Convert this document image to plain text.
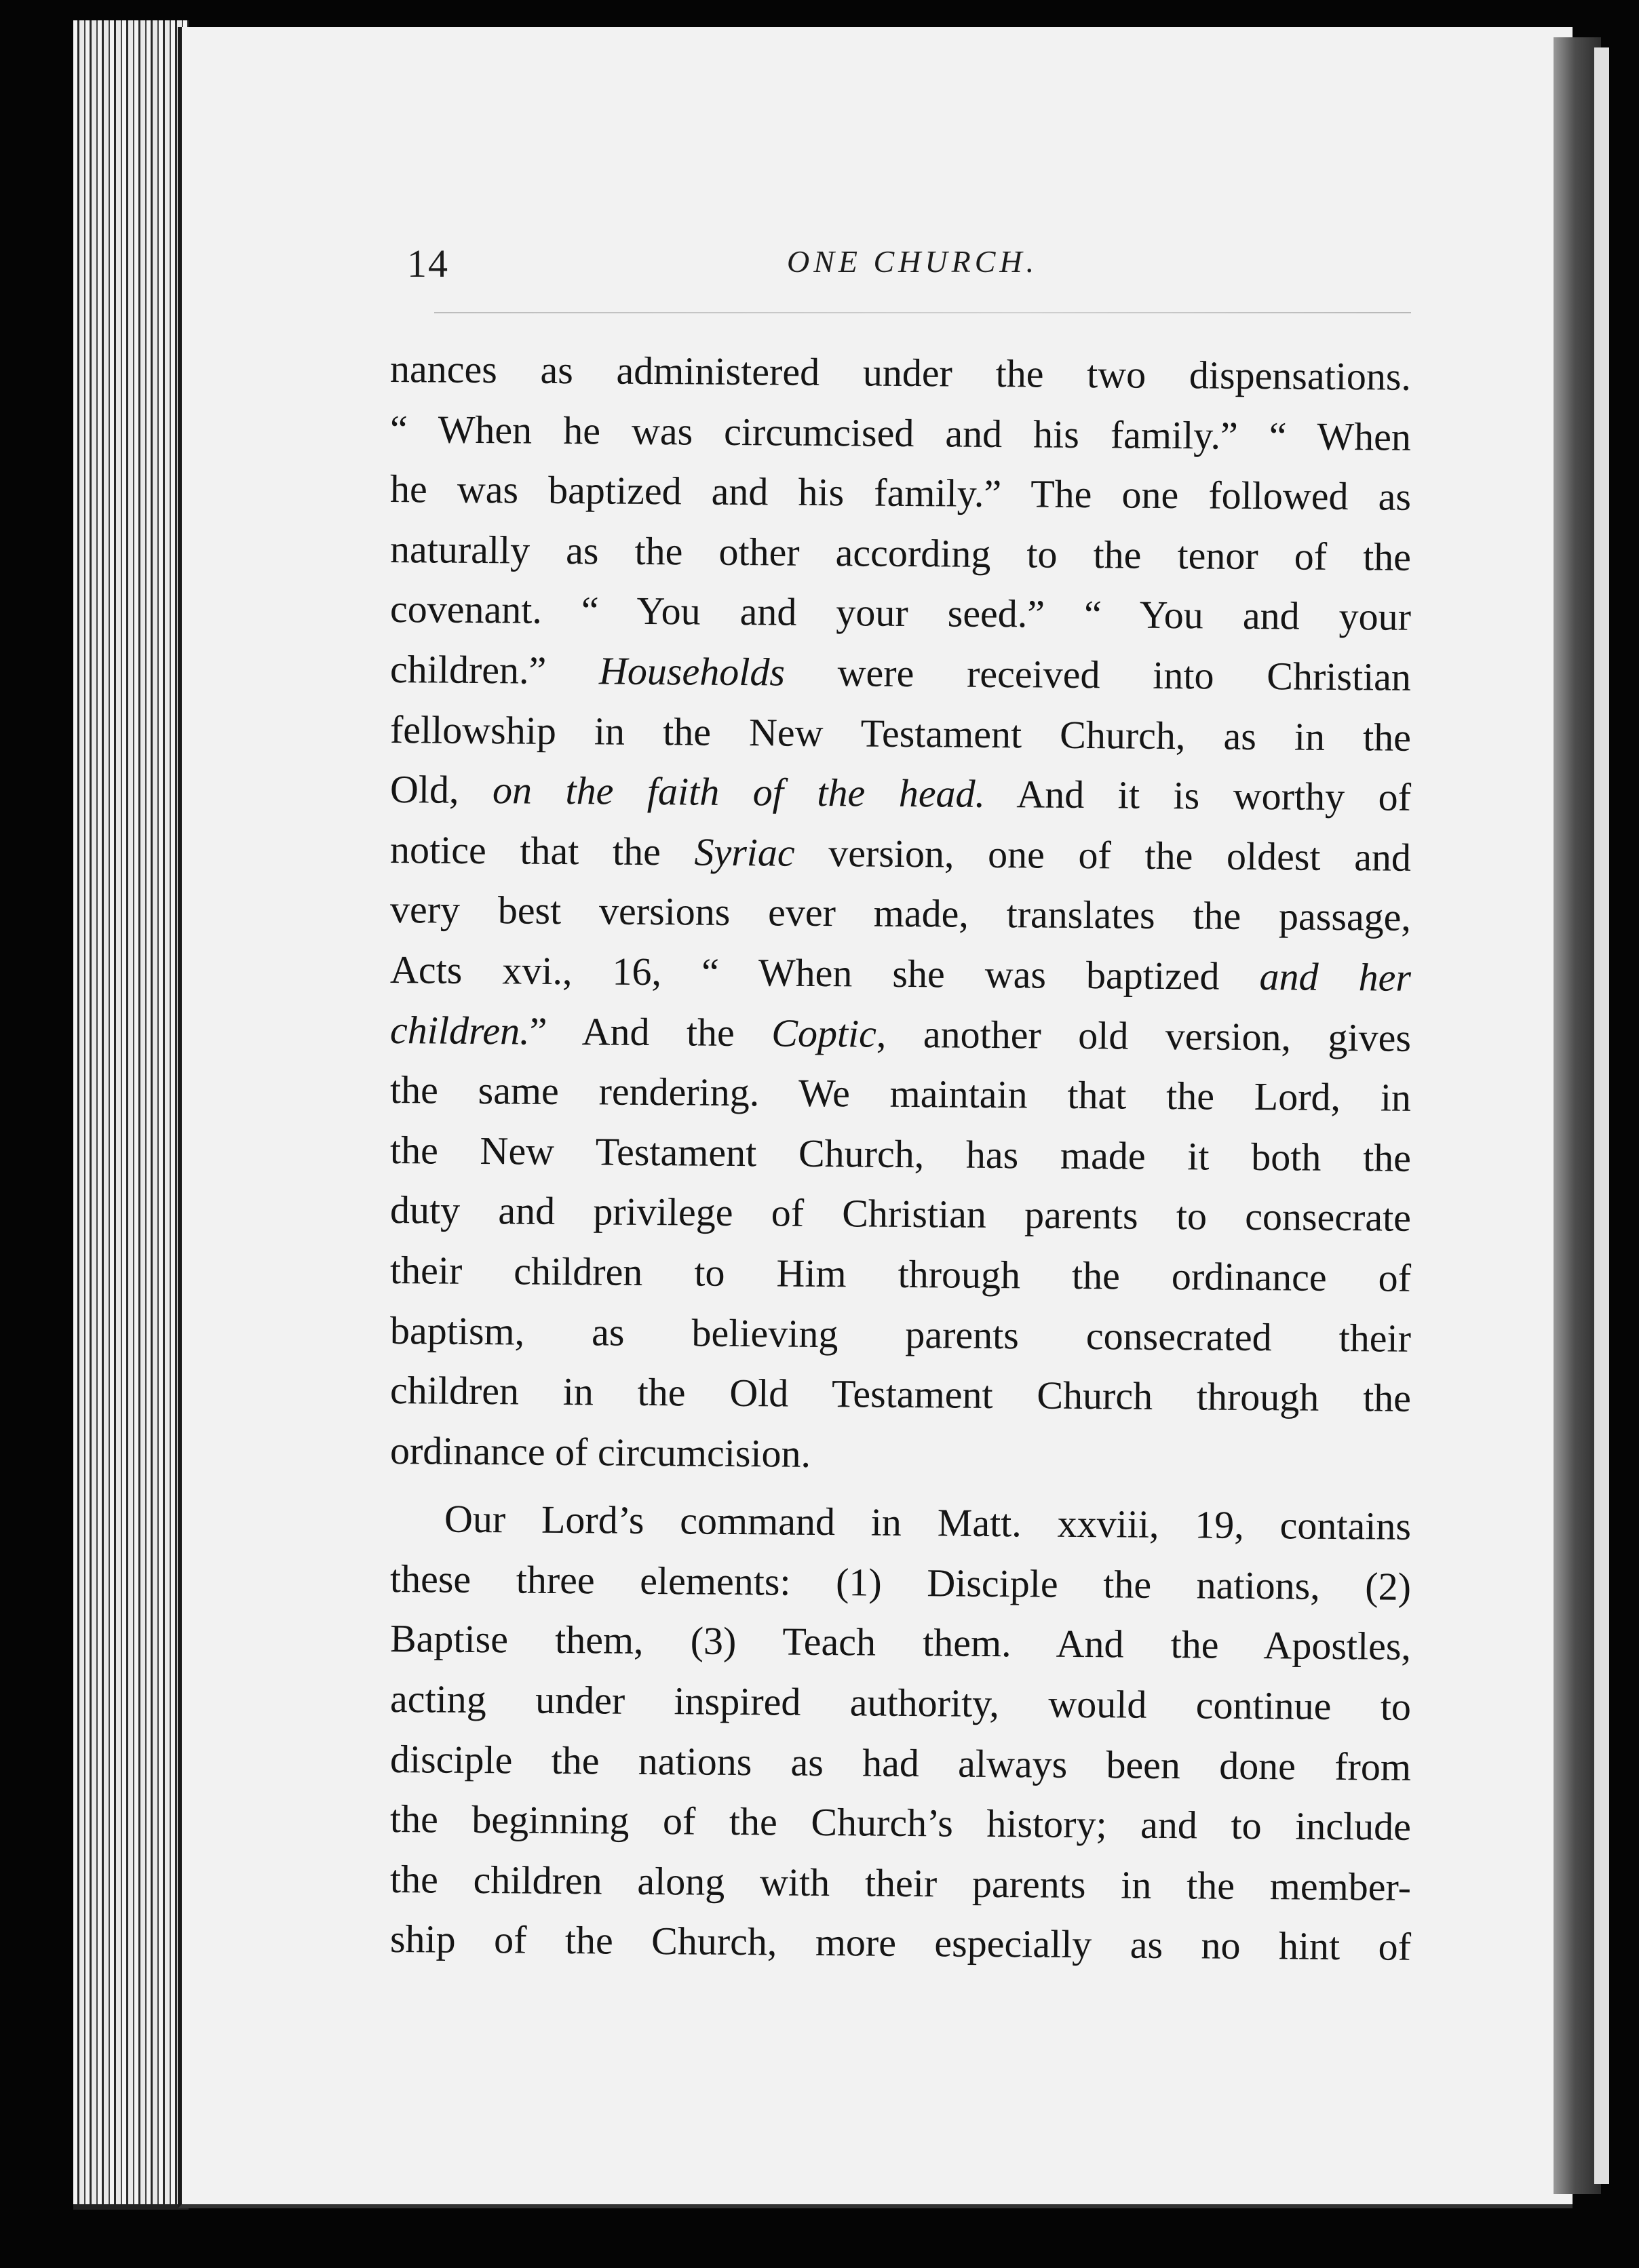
14	ONE CHURCH.
nances as administered under the two dispensations.
“ When he was circumcised and his family.” “ When
he was baptized and his family.” The one followed as
naturally as the other according to the tenor of the
covenant. “ You and your seed.” “ You and your
children.” Households were received into Christian
fellowship in the New Testament Church, as in the
Old, on the faith of the head. And it is worthy of
notice that the Syriac version, one of the oldest and
very best versions ever made, translates the passage,
Acts xvi., 16, “ When she was baptized and her
children.” And the Coptic, another old version, gives
the same rendering. We maintain that the Lord, in
the New Testament Church, has made it both the
duty and privilege of Christian parents to consecrate
their children to Him through the ordinance of
baptism, as believing parents consecrated their
children in the Old Testament Church through the
ordinance of circumcision.
Our Lord’s command in Matt. xxviii, 19, contains
these three elements: (1) Disciple the nations, (2)
Baptise them, (3) Teach them. And the Apostles,
acting under inspired authority, would continue to
disciple the nations as had always been done from
the beginning of the Church’s history; and to include
the children along with their parents in the member-
ship of the Church, more especially as no hint of
